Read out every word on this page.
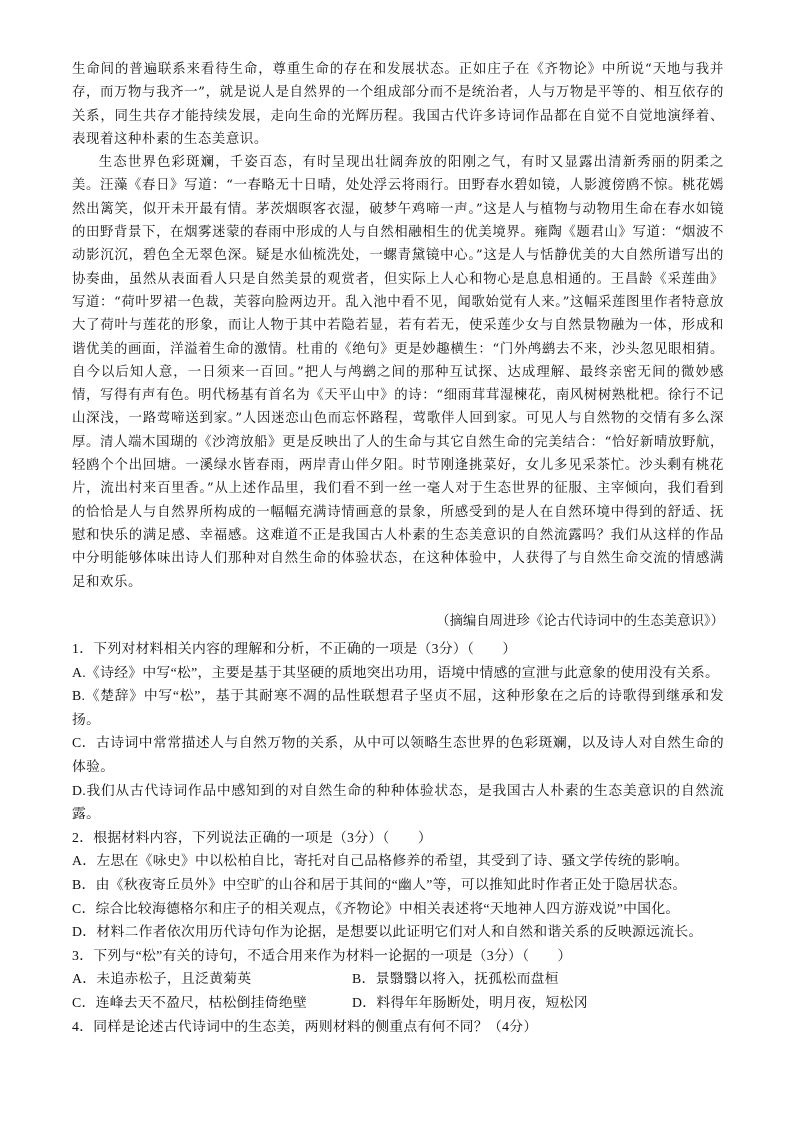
生命间的普遍联系来看待生命，尊重生命的存在和发展状态。正如庄子在《齐物论》中所说“天地与我并存，而万物与我齐一”，就是说人是自然界的一个组成部分而不是统治者，人与万物是平等的、相互依存的关系，同生共存才能持续发展，走向生命的光辉历程。我国古代许多诗词作品都在自觉不自觉地演绎着、表现着这种朴素的生态美意识。

生态世界色彩斑斓，千姿百态，有时呈现出壮阔奔放的阳刚之气，有时又显露出清新秀丽的阴柔之美。汪藻《春日》写道：“一春略无十日晴，处处浮云将雨行。田野春水碧如镜，人影渡傍鸥不惊。桃花嫣然出篱笑，似开未开最有情。茅茨烟暝客衣湿，破梦午鸡啼一声。”这是人与植物与动物用生命在春水如镜的田野背景下，在烟雾迷蒙的春雨中形成的人与自然相融相生的优美境界。雍陶《题君山》写道：“烟波不动影沉沉，碧色全无翠色深。疑是水仙梳洗处，一螺青黛镜中心。”这是人与恬静优美的大自然所谱写出的协奏曲，虽然从表面看人只是自然美景的观赏者，但实际上人心和物心是息息相通的。王昌龄《采莲曲》写道：“荷叶罗裙一色裁，芙蓉向脸两边开。乱入池中看不见，闻歌始觉有人来。”这幅采莲图里作者特意放大了荷叶与莲花的形象，而让人物于其中若隐若显，若有若无，使采莲少女与自然景物融为一体，形成和谐优美的画面，洋溢着生命的激情。杜甫的《绝句》更是妙趣横生：“门外鸬鹚去不来，沙头忽见眼相猜。自今以后知人意，一日须来一百回。”把人与鸬鹚之间的那种互试探、达成理解、最终亲密无间的微妙感情，写得有声有色。明代杨基有首名为《天平山中》的诗：“细雨茸茸湿楝花，南风树树熟枇杷。徐行不记山深浅，一路莺啼送到家。”人因迷恋山色而忘怀路程，莺歌伴人回到家。可见人与自然物的交情有多么深厚。清人端木国瑚的《沙湾放船》更是反映出了人的生命与其它自然生命的完美结合：“恰好新晴放野航，轻鸥个个出回塘。一溪绿水皆春雨，两岸青山伴夕阳。时节刚逢挑菜好，女儿多见采茶忙。沙头剩有桃花片，流出村来百里香。”从上述作品里，我们看不到一丝一毫人对于生态世界的征服、主宰倾向，我们看到的恰恰是人与自然界所构成的一幅幅充满诗情画意的景象，所感受到的是人在自然环境中得到的舒适、抚慰和快乐的满足感、幸福感。这难道不正是我国古人朴素的生态美意识的自然流露吗？我们从这样的作品中分明能够体味出诗人们那种对自然生命的体验状态，在这种体验中，人获得了与自然生命交流的情感满足和欢乐。

（摘编自周进珍《论古代诗词中的生态美意识》）

1．下列对材料相关内容的理解和分析，不正确的一项是（3分）（　　）

A.《诗经》中写“松”，主要是基于其坚硬的质地突出功用，语境中情感的宣泄与此意象的使用没有关系。

B.《楚辞》中写“松”，基于其耐寒不凋的品性联想君子坚贞不屈，这种形象在之后的诗歌得到继承和发扬。

C．古诗词中常常描述人与自然万物的关系，从中可以领略生态世界的色彩斑斓，以及诗人对自然生命的体验。

D.我们从古代诗词作品中感知到的对自然生命的种种体验状态，是我国古人朴素的生态美意识的自然流露。

2．根据材料内容，下列说法正确的一项是（3分）（　　）

A．左思在《咏史》中以松柏自比，寄托对自己品格修养的希望，其受到了诗、骚文学传统的影响。

B．由《秋夜寄丘员外》中空旷的山谷和居于其间的“幽人”等，可以推知此时作者正处于隐居状态。

C．综合比较海德格尔和庄子的相关观点，《齐物论》中相关表述将“天地神人四方游戏说”中国化。

D．材料二作者依次用历代诗句作为论据，是想要以此证明它们对人和自然和谐关系的反映源远流长。

3．下列与“松”有关的诗句，不适合用来作为材料一论据的一项是（3分）（　　）

A．未追赤松子，且泛黄菊英	B．景翳翳以将入，抚孤松而盘桓
C．连峰去天不盈尺，枯松倒挂倚绝壁	D．料得年年肠断处，明月夜，短松冈

4．同样是论述古代诗词中的生态美，两则材料的侧重点有何不同？（4分）
